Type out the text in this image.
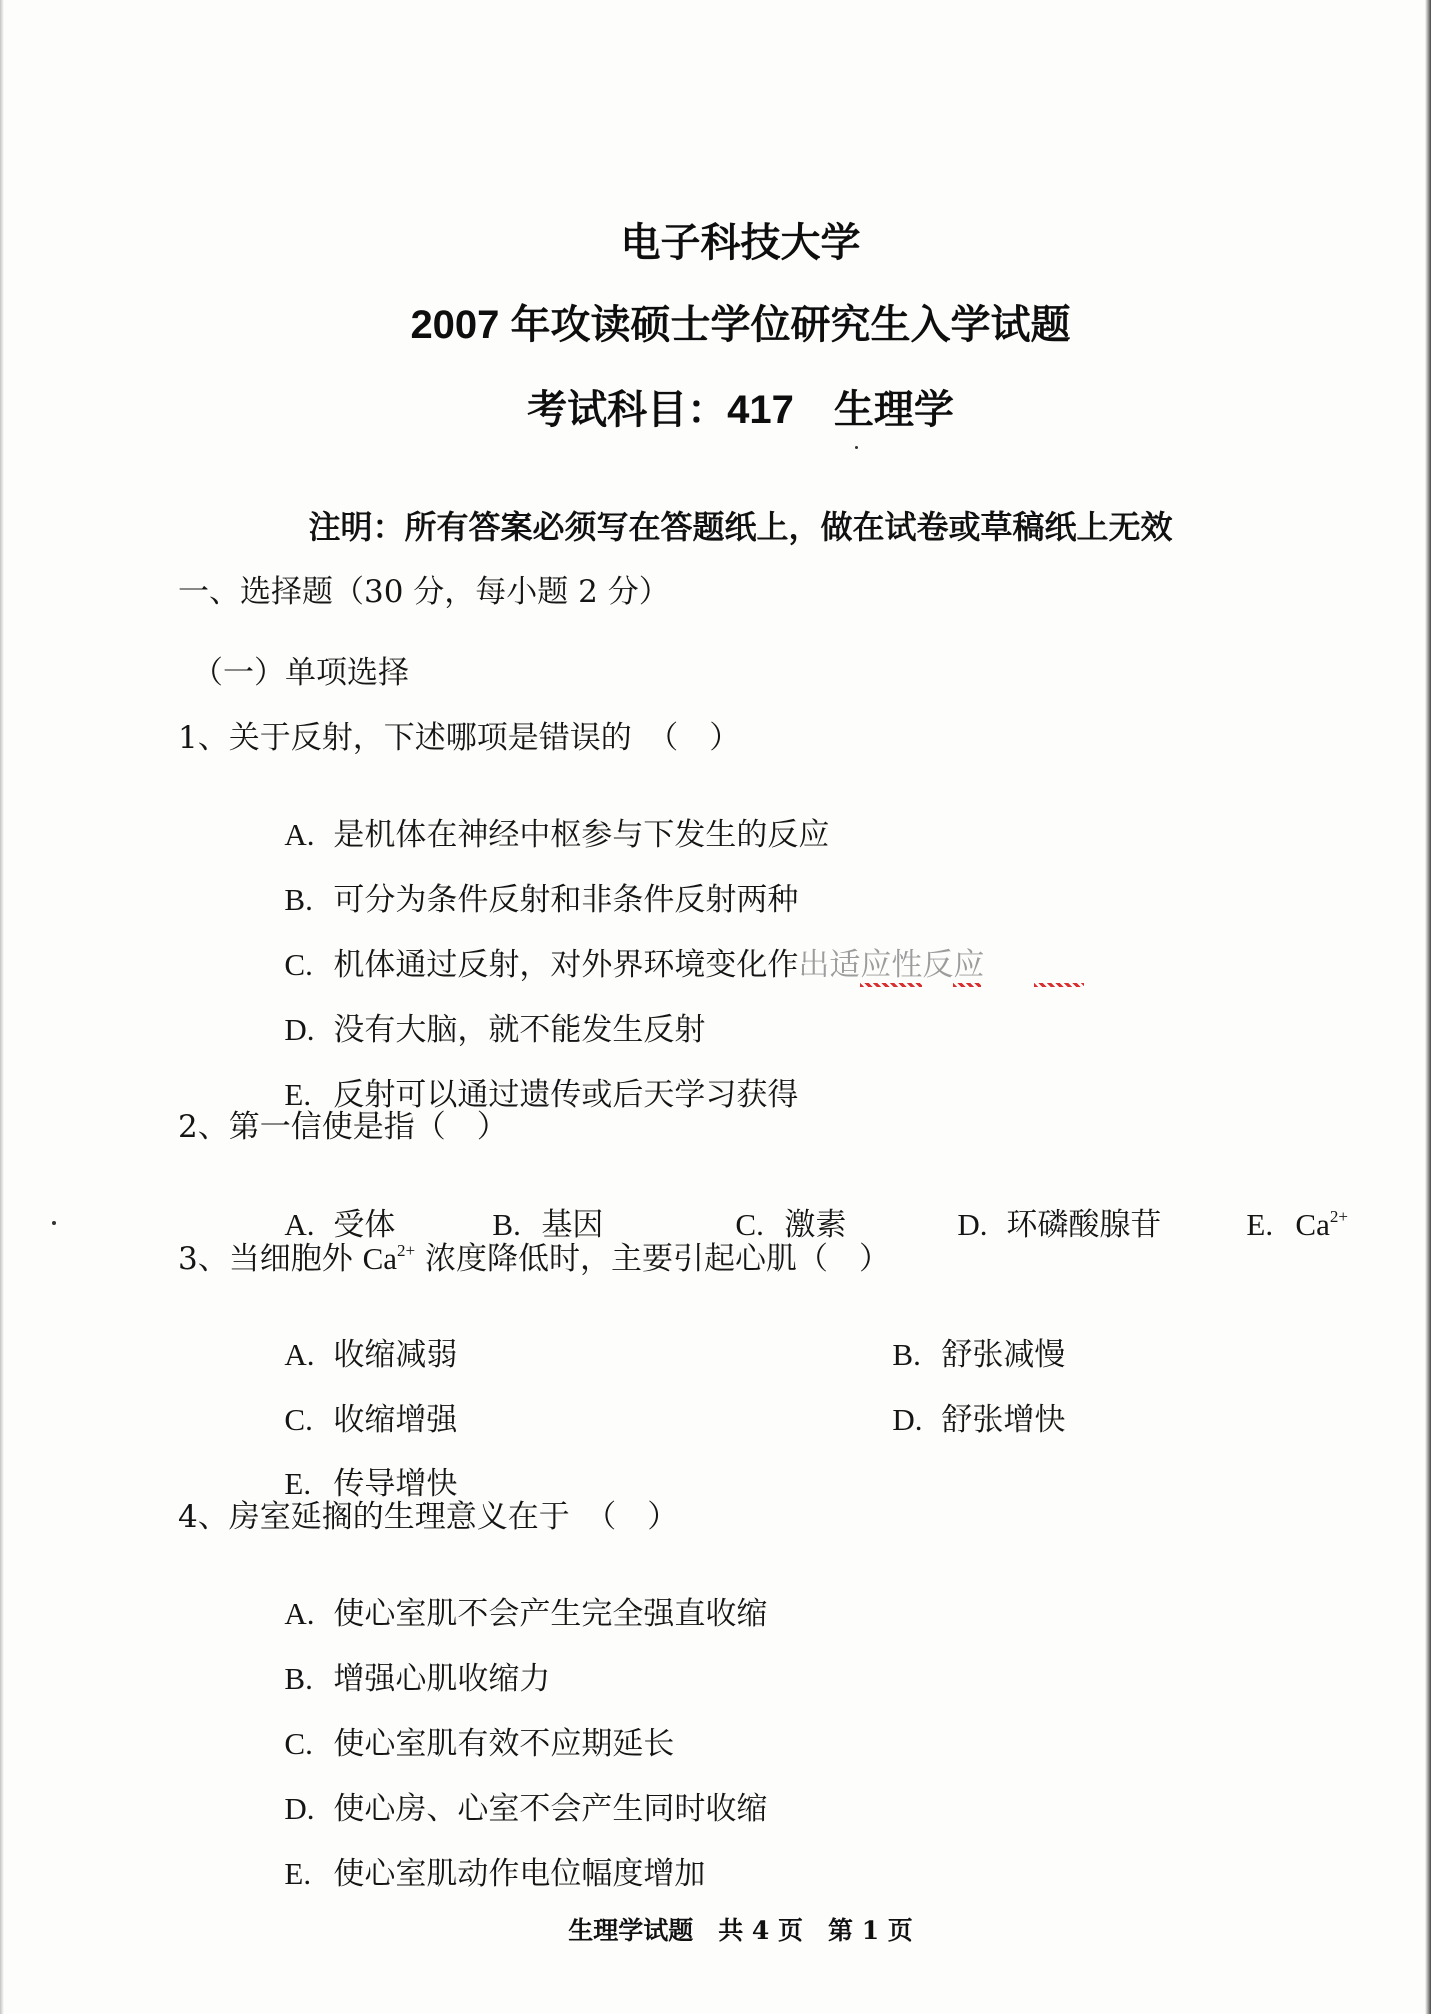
电子科技大学
2007 年攻读硕士学位研究生入学试题
考试科目：417　生理学
注明：所有答案必须写在答题纸上，做在试卷或草稿纸上无效
一、选择题（30 分，每小题 2 分）
（一）单项选择
1、关于反射，下述哪项是错误的　（　）

A. 是机体在神经中枢参与下发生的反应

B. 可分为条件反射和非条件反射两种

C. 机体通过反射，对外界环境变化作出适应性反应

D. 没有大脑，就不能发生反射

E. 反射可以通过遗传或后天学习获得

2、第一信使是指（　）

A. 受体
	B. 基因
	C. 激素
	D. 环磷酸腺苷
	E. $Ca^{2+}$

3、当细胞外 $Ca^{2+}$ 浓度降低时，主要引起心肌（　）

A. 收缩减弱
	B. 舒张减慢

C. 收缩增强
	D. 舒张增快

E. 传导增快

4、房室延搁的生理意义在于　（　）

A. 使心室肌不会产生完全强直收缩

B. 增强心肌收缩力

C. 使心室肌有效不应期延长

D. 使心房、心室不会产生同时收缩

E. 使心室肌动作电位幅度增加

生理学试题　共 4 页　第 1 页
